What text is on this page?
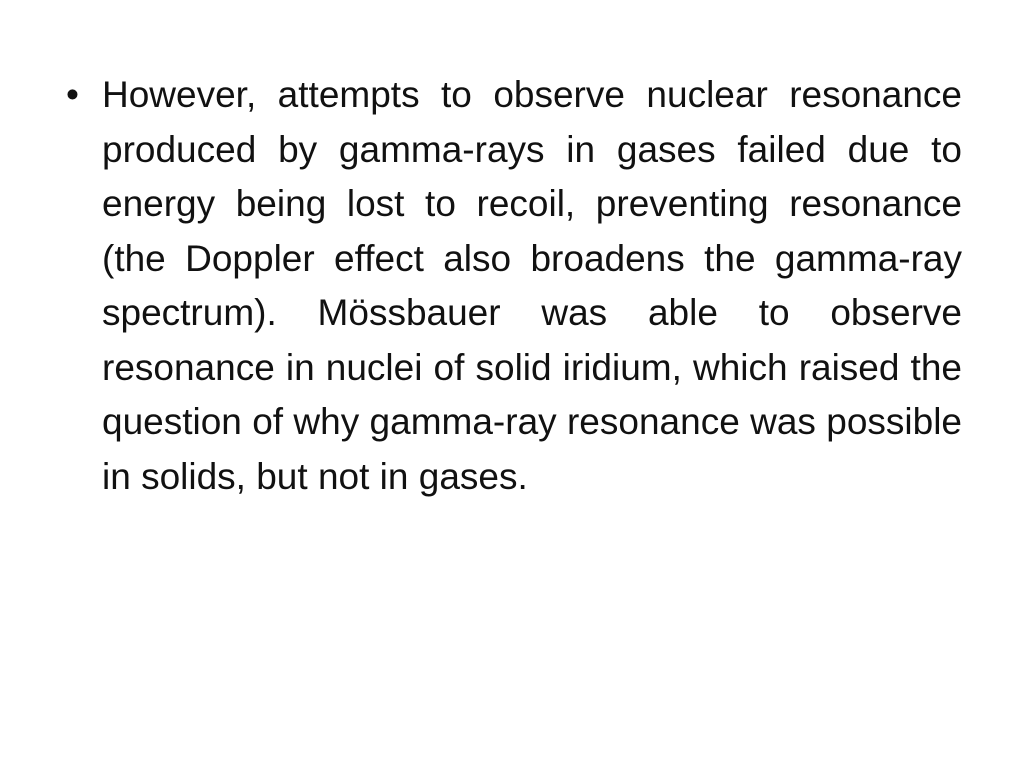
• However, attempts to observe nuclear resonance produced by gamma-rays in gases failed due to energy being lost to recoil, preventing resonance (the Doppler effect also broadens the gamma-ray spectrum). Mössbauer was able to observe resonance in nuclei of solid iridium, which raised the question of why gamma-ray resonance was possible in solids, but not in gases.
